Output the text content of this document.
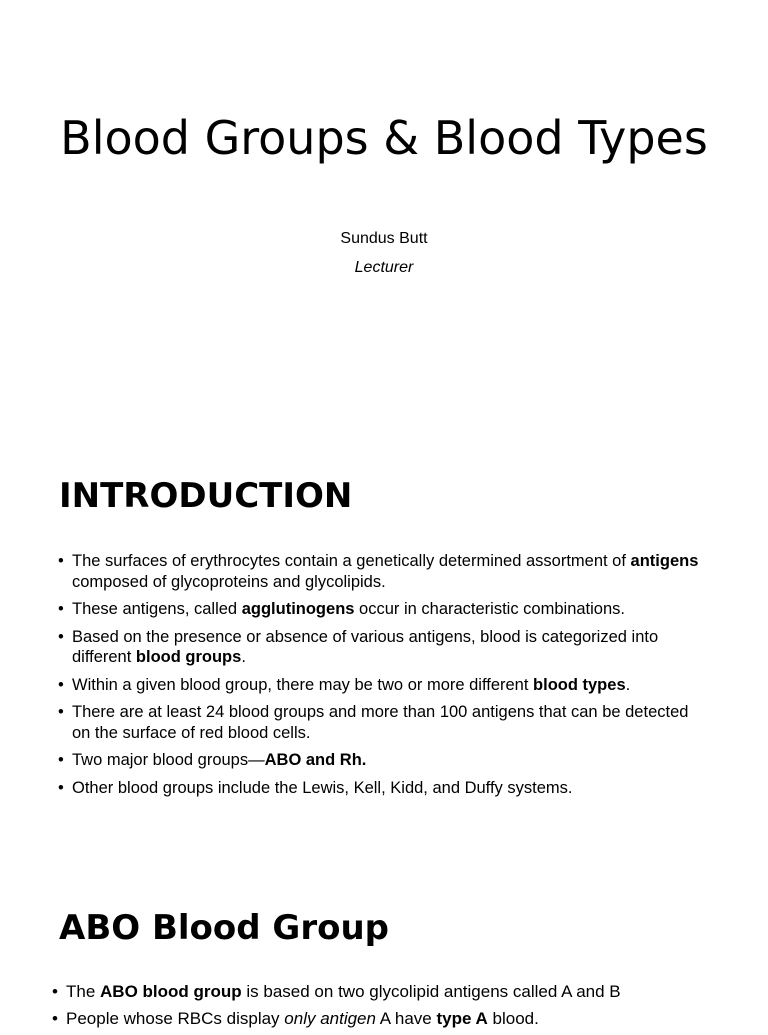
Blood Groups & Blood Types
Sundus Butt
Lecturer
INTRODUCTION
• The surfaces of erythrocytes contain a genetically determined assortment of antigens composed of glycoproteins and glycolipids.
• These antigens, called agglutinogens occur in characteristic combinations.
• Based on the presence or absence of various antigens, blood is categorized into different blood groups.
• Within a given blood group, there may be two or more different blood types.
• There are at least 24 blood groups and more than 100 antigens that can be detected on the surface of red blood cells.
• Two major blood groups—ABO and Rh.
• Other blood groups include the Lewis, Kell, Kidd, and Duffy systems.
ABO Blood Group
• The ABO blood group is based on two glycolipid antigens called A and B
• People whose RBCs display only antigen A have type A blood.
